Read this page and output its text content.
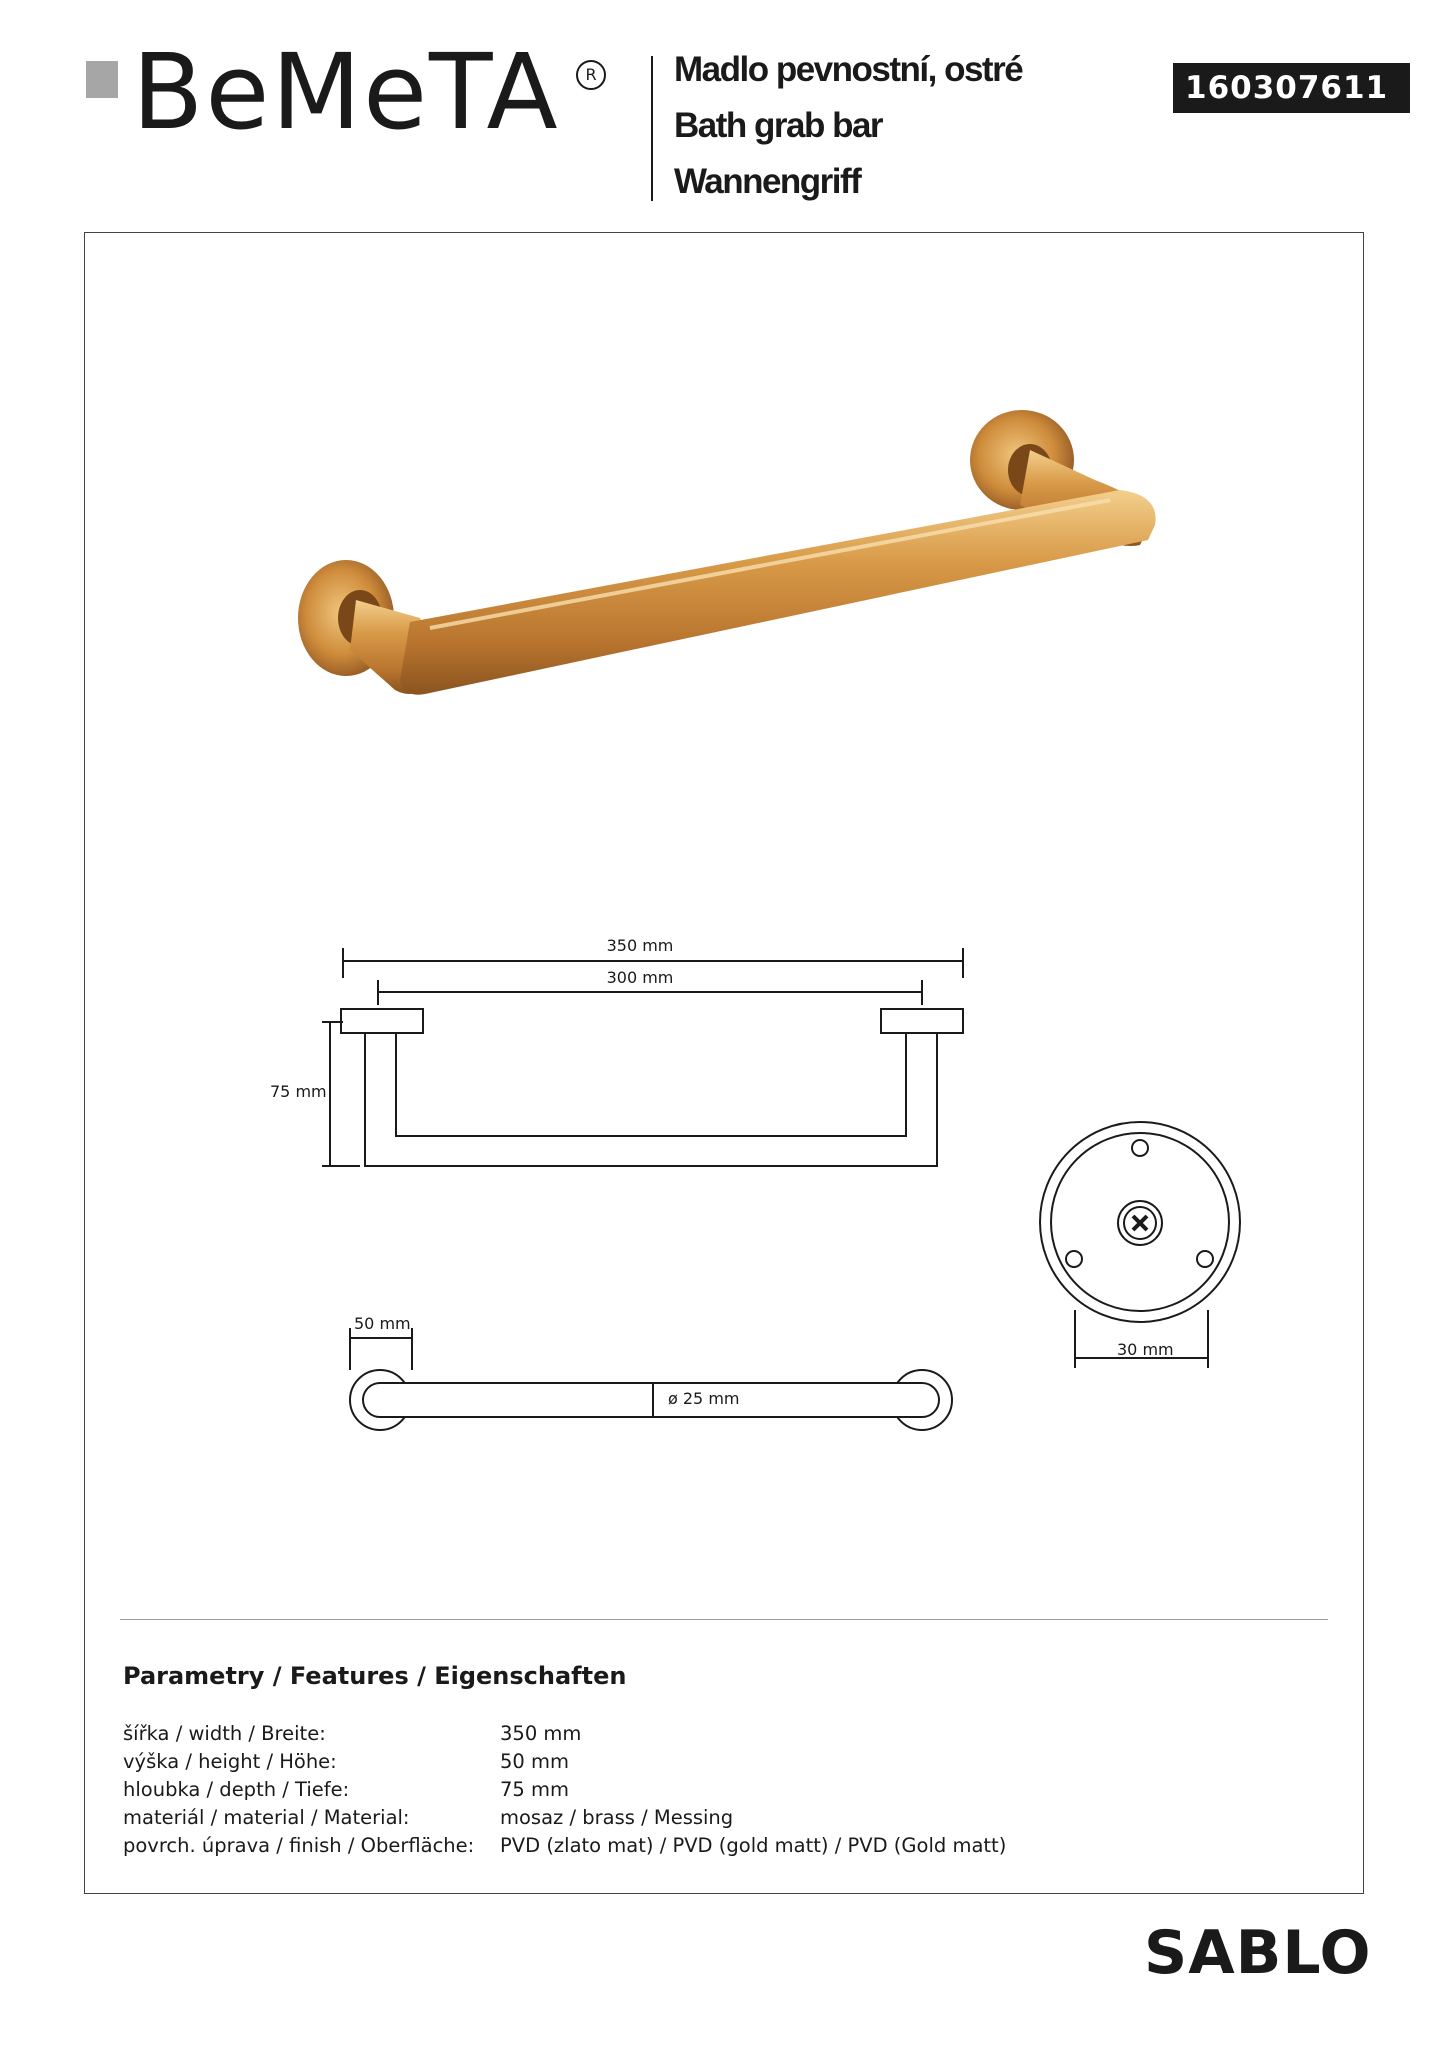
BeMeTA	R Madlo pevnostní, ostré
Bath grab bar
Wannengriff
160307611
350 mm
300 mm
75 mm
50 mm
ø 25 mm
30 mm
Parametry / Features / Eigenschaften
šířka / width / Breite:	350 mm
výška / height / Höhe:	50 mm
hloubka / depth / Tiefe:	75 mm
materiál / material / Material:	mosaz / brass / Messing
povrch. úprava / finish / Oberfläche:	PVD (zlato mat) / PVD (gold matt) / PVD (Gold matt)
SABLO
